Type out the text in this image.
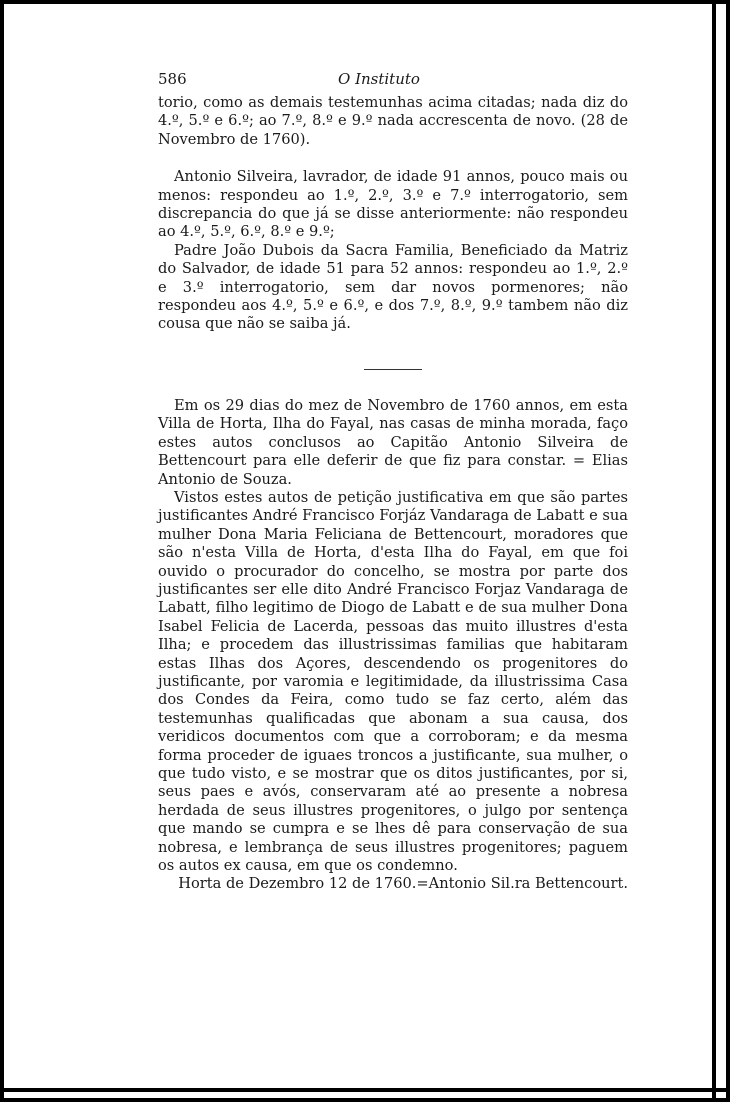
586	O Instituto

torio, como as demais testemunhas acima citadas; nada diz do 4.º, 5.º e 6.º; ao 7.º, 8.º e 9.º nada accrescenta de novo. (28 de Novembro de 1760).

Antonio Silveira, lavrador, de idade 91 annos, pouco mais ou menos: respondeu ao 1.º, 2.º, 3.º e 7.º interrogatorio, sem discrepancia do que já se disse anteriormente: não respondeu ao 4.º, 5.º, 6.º, 8.º e 9.º;

Padre João Dubois da Sacra Familia, Beneficiado da Matriz do Salvador, de idade 51 para 52 annos: respondeu ao 1.º, 2.º e 3.º interrogatorio, sem dar novos pormenores; não respondeu aos 4.º, 5.º e 6.º, e dos 7.º, 8.º, 9.º tambem não diz cousa que não se saiba já.

Em os 29 dias do mez de Novembro de 1760 annos, em esta Villa de Horta, Ilha do Fayal, nas casas de minha morada, faço estes autos conclusos ao Capitão Antonio Silveira de Bettencourt para elle deferir de que fiz para constar. = Elias Antonio de Souza.

Vistos estes autos de petição justificativa em que são partes justificantes André Francisco Forjáz Vandaraga de Labatt e sua mulher Dona Maria Feliciana de Bettencourt, moradores que são n'esta Villa de Horta, d'esta Ilha do Fayal, em que foi ouvido o procurador do concelho, se mostra por parte dos justificantes ser elle dito André Francisco Forjaz Vandaraga de Labatt, filho legitimo de Diogo de Labatt e de sua mulher Dona Isabel Felicia de Lacerda, pessoas das muito illustres d'esta Ilha; e procedem das illustrissimas familias que habitaram estas Ilhas dos Açores, descendendo os progenitores do justificante, por varomia e legitimidade, da illustrissima Casa dos Condes da Feira, como tudo se faz certo, além das testemunhas qualificadas que abonam a sua causa, dos veridicos documentos com que a corroboram; e da mesma forma proceder de iguaes troncos a justificante, sua mulher, o que tudo visto, e se mostrar que os ditos justificantes, por si, seus paes e avós, conservaram até ao presente a nobresa herdada de seus illustres progenitores, o julgo por sentença que mando se cumpra e se lhes dê para conservação de sua nobresa, e lembrança de seus illustres progenitores; paguem os autos ex causa, em que os condemno.

Horta de Dezembro 12 de 1760.=Antonio Sil.ra Bettencourt.
